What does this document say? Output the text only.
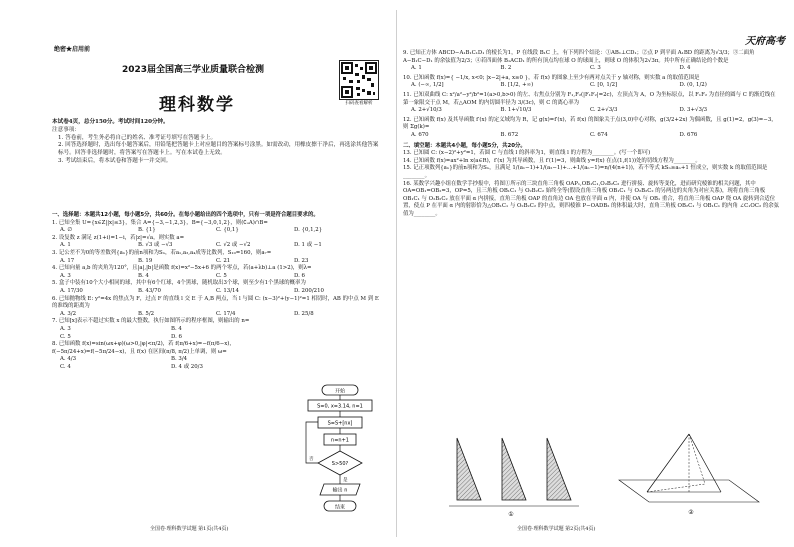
绝密★启用前
2023届全国高三学业质量联合检测
理科数学	扫码查看解析
本试卷4页，总分150分。考试时间120分钟。
注意事项：
1. 答卷前，考生务必将自己的姓名、准考证号填写在答题卡上。
2. 回答选择题时，选出每小题答案后，用铅笔把答题卡上对应题目的答案标号涂黑。如需改动，用橡皮擦干净后，再选涂其他答案标号。回答非选择题时，将答案写在答题卡上。写在本试卷上无效。
3. 考试结束后，将本试卷和答题卡一并交回。
一、选择题：本题共12小题，每小题5分，共60分。在每小题给出的四个选项中，只有一项是符合题目要求的。
1. 已知全集 U={x∈Z||x|≤3}，集合 A={−3,−1,2,3}，B={−3,0,1,2}，则(∁ᵤA)∩B=
A. ∅	B. {1}	C. {0,1}	D. {0,1,2}
2. 设复数 z 满足 z(1+i)=1−i，若|z|=√a，则实数 a=
A. 1	B. √3 或 −√3	C. √2 或 −√2	D. 1 或 −1
3. 记公差不为0的等差数列{aₙ}的前n项和为Sₙ，若a₁,a₃,a₄成等比数列，S₁₀=160，则a₇=
A. 17	B. 19	C. 21	D. 23
4. 已知向量 a,b 的夹角为120°，且|a|,|b|是函数 f(x)=x²−5x+6 的两个零点，若(a+λb)⊥a (1>2)，则λ=
A. 3	B. 4	C. 5	D. 6
5. 盒子中装有10个大小相同的球，其中有6个红球，4个黑球，随机取出3个球，则至少有1个黑球的概率为
A. 17/30	B. 43/70	C. 13/14	D. 200/210
6. 已知抛物线 E: y²=4x 的焦点为 F，过点 F 的直线 l 交 E 于 A,B 两点，当 l 与圆 C: (x−3)²+(y−1)²=1 相切时，AB 的中点 M 到 E 的准线的距离为
A. 3/2	B. 5/2	C. 17/4	D. 25/8
7. 已知[x]表示不超过实数 x 的最大整数，执行如图所示的程序框图，则输出的 n=
A. 3	B. 4
C. 5	D. 6
8. 已知函数 f(x)=sin(ωx+φ)(ω>0,|φ|<π/2)，若 f(π/6+x)=−f(π/6−x)，f(−5π/24+x)=f(−5π/24−x)，且 f(x) 在区间(π/8, π/2)上单调，则 ω=
A. 4/3	B. 3/4
C. 4	D. 4 或 20/3
开始
S=0, x=3.14, n=1
S=S+[nx]
n=n+1
S>50?
否
是
输出 n
结束
全国卷·理科数学试题 第1页(共4页)
天府高考
9. 已知正方体 ABCD−A₁B₁C₁D₁ 的棱长为1，P 在线段 B₁C 上，有下列四个结论：①AB₁⊥CD₁；②点 P 到平面 A₁BD 的距离为√3/3；③二面角 A−B₁C−D₁ 的余弦值为2/3；④若四面体 B₁ACD₁ 的所有顶点均在球 O 的球面上，则球 O 的体积为2√3π。其中所有正确结论的个数是
A. 1	B. 2	C. 3	D. 4
10. 已知函数 f(x)={ −1/x, x<0; |x−2|+a, x≥0 }，若 f(x) 的图象上至少有两对点关于 y 轴对称，则实数 a 的取值范围是
A. (−∞, 1/2]	B. [1/2, +∞)	C. [0, 1/2]	D. (0, 1/2)
11. 已知双曲线 C: x²/a²−y²/b²=1(a>0,b>0) 的左、右焦点分别为 F₁,F₂(|F₁F₂|=2c)，左顶点为 A，O 为坐标原点，以 F₁F₂ 为直径的圆与 C 的渐近线在第一象限交于点 M，若△AOM 的内切圆半径为 3/(3c)，则 C 的离心率为
A. 2+√10/3	B. 1+√10/3	C. 2+√3/3	D. 3+√3/3
12. 已知函数 f(x) 及其导函数 f′(x) 的定义域均为 R，记 g(x)=f′(x)，若 f(x) 的图象关于点(3,0)中心对称，g(3/2+2x) 为偶函数，且 g(1)=2，g(3)=−3，则 Σg(k)=
A. 670	B. 672	C. 674	D. 676
二、填空题：本题共4小题，每小题5分，共20分。
13. 已知圆 C: (x−2)²+y²=1，若圆 C 与直线 l 的斜率为1，则直线 l 的方程为________。(写一个即可)
14. 已知函数 f(x)=ax²+ln x(a∈R)，f′(x) 为其导函数，且 f′(1)=3，则曲线 y=f(x) 在点(1,f(1))处的切线方程为________。
15. 记正项数列{aₙ}的前n项和为Sₙ，且满足 1/(a₁−1)+1/(a₂−1)+…+1/(aₙ−1)=n/(4(n+1))，若不等式 kSₙ≥aₙ+1 恒成立，则实数 k 的取值范围是________。
16. 某数学兴趣小组在数学手抄报中，将图①所示的三块直角三角板 OAP₁,OB₁C₁,O₂B₂C₂ 进行拼接、旋转等变化，进而研究棱锥的相关问题，其中 OA=OB₁=OB₂=3，OP=5，且三角板 OB₁C₁ 与 O₂B₂C₂ 始终全等(假设直角三角板 OB₁C₁ 与 O₂B₂C₂ 的另两边的夹角为对应关系)，现将直角三角板 OB₁C₁ 与 O₂B₂C₂ 放在平面 α 内拼接，直角三角板 OAP 的直角边 OA 也放在平面 α 内，并使 OA 与 OB₁ 重合，将直角三角板 OAP 绕 OA 旋转到合适位置，使点 P 在平面 α 内的射影恰为△OB₁C₁ 与 O₂B₂C₂ 的中点，则四棱锥 P−OADB₂ 的体积最大时，直角三角板 OB₂C₁ 与 OB₁C₁ 的内角 ∠C₁OC₂ 的余弦值为________。
①	②
全国卷·理科数学试题 第2页(共4页)
